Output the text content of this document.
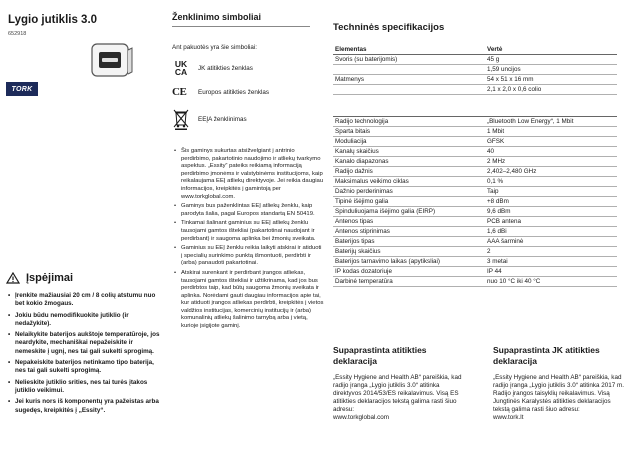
Lygio jutiklis 3.0
652918
TORK
Įspėjimai
• Įrenkite mažiausiai 20 cm / 8 colių atstumu nuo bet kokio žmogaus.
• Jokiu būdu nemodifikuokite jutiklio (ir nedažykite).
• Nelaikykite baterijos aukštoje temperatūroje, jos neardykite, mechaniškai nepažeiskite ir nemeskite į ugnį, nes tai gali sukelti sprogimą.
• Nepakeiskite baterijos netinkamo tipo baterija, nes tai gali sukelti sprogimą.
• Nelieskite jutiklio srities, nes tai turės įtakos jutiklio veikimui.
• Jei kuris nors iš komponentų yra pažeistas arba sugedęs, kreipkitės į „Essity“.
Ženklinimo simboliai
Ant pakuotės yra šie simboliai:
UK
CA JK atitikties ženklas
CE	Europos atitikties ženklas
EEĮA ženklinimas
• Šis gaminys sukurtas atsižvelgiant į antrinio perdirbimo, pakartotinio naudojimo ir atliekų tvarkymo aspektus. „Essity“ pateiks reikiamą informaciją perdirbimo įmonėms ir valstybinėms institucijoms, kaip reikalaujama EEĮ atliekų direktyvoje. Jei reikia daugiau informacijos, kreipkitės į gamintoją per www.torkglobal.com.
• Gaminys bus paženklintas EEĮ atliekų ženklu, kaip parodyta šalia, pagal Europos standartą EN 50419.
• Tinkamai šalinant gaminius su EEĮ atliekų ženklu tausojami gamtos ištekliai (pakartotinai naudojant ir perdirbant) ir saugoma aplinka bei žmonių sveikata.
• Gaminius su EEĮ ženklu reikia laikyti atskirai ir atiduoti į specialių surinkimo punktą išmontuoti, perdirbti ir (arba) panaudoti pakartotinai.
• Atskirai surenkant ir perdirbant įrangos atliekas, tausojami gamtos ištekliai ir užtikrinama, kad jos bus perdirbtos taip, kad būtų saugoma žmonių sveikata ir aplinka. Norėdami gauti daugiau informacijos apie tai, kur atiduoti įrangos atliekas perdirbti, kreipkitės į vietos valdžios institucijas, komercinių institucijų ir (arba) komunalinių atliekų šalinimo tarnybą arba į vietą, kurioje įsigijote gaminį.
Techninės specifikacijos
Elementas	Vertė
Svoris (su baterijomis)	45 g
	1,59 uncijos
Matmenys	54 x 51 x 16 mm
	2,1 x 2,0 x 0,6 colio
Radijo technologija	„Bluetooth Low Energy“, 1 Mbit
Sparta bitais	1 Mbit
Moduliacija	GFSK
Kanalų skaičius	40
Kanalo diapazonas	2 MHz
Radijo dažnis	2,402–2,480 GHz
Maksimalus veikimo ciklas	0,1 %
Dažnio perderinimas	Taip
Tipinė išėjimo galia	+8 dBm
Spinduliuojama išėjimo galia (EIRP)	9,6 dBm
Antenos tipas	PCB antena
Antenos stiprinimas	1,6 dBi
Baterijos tipas	AAA šarminė
Baterijų skaičius	2
Baterijos tarnavimo laikas (apytiksliai)	3 metai
IP kodas dozatoriuje	IP 44
Darbinė temperatūra	nuo 10 °C iki 40 °C
Supaprastinta atitikties deklaracija
„Essity Hygiene and Health AB“ pareiškia, kad radijo įranga „Lygio jutiklis 3.0“ atitinka direktyvos 2014/53/ES reikalavimus. Visą ES atitikties deklaracijos tekstą galima rasti šiuo adresu:
www.torkglobal.com
Supaprastinta JK atitikties deklaracija
„Essity Hygiene and Health AB“ pareiškia, kad radijo įranga „Lygio jutiklis 3.0“ atitinka 2017 m. Radijo įrangos taisyklių reikalavimus. Visą Jungtinės Karalystės atitikties deklaracijos tekstą galima rasti šiuo adresu:
www.tork.lt
